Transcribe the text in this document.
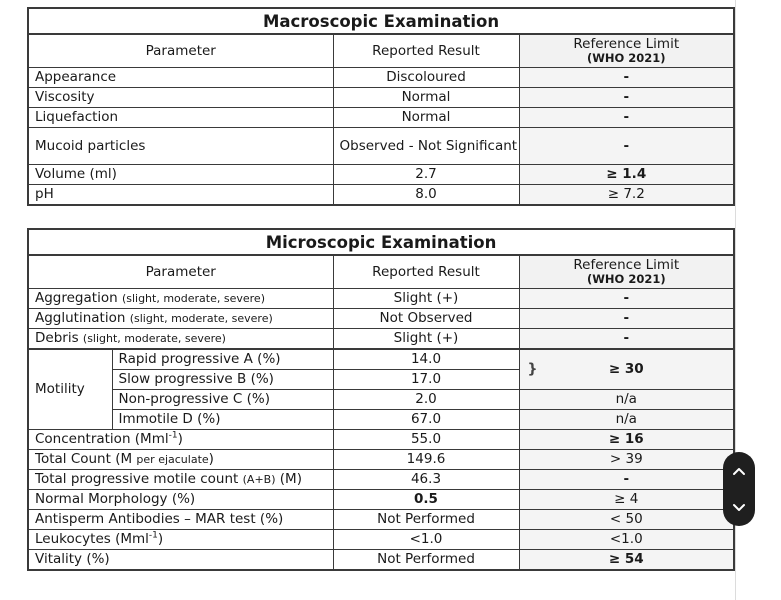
Macroscopic Examination		
Parameter	Reported Result	Reference Limit
(WHO 2021)

Appearance	Discoloured	-
Viscosity	Normal	-
Liquefaction	Normal	-
Mucoid particles	Observed - Not Significant	-
Volume (ml)	2.7	≥ 1.4
pH	8.0	≥ 7.2
Microscopic Examination			
Parameter		Reported Result	Reference Limit
(WHO 2021)

Aggregation (slight, moderate, severe)		Slight (+)	-
Agglutination (slight, moderate, severe)		Not Observed	-
Debris (slight, moderate, severe)		Slight (+)	-
Motility	Rapid progressive A (%)	14.0	} ≥ 30
	Slow progressive B (%)	17.0	
	Non-progressive C (%)	2.0	n/a
	Immotile D (%)	67.0	n/a
Concentration (Mml$^{-1}$)		55.0	≥ 16
Total Count (M per ejaculate)		149.6	> 39
Total progressive motile count (A+B) (M)		46.3	-
Normal Morphology (%)		0.5	≥ 4
Antisperm Antibodies – MAR test (%)		Not Performed	< 50
Leukocytes (Mml$^{-1}$)		<1.0	<1.0
Vitality (%)		Not Performed	≥ 54
